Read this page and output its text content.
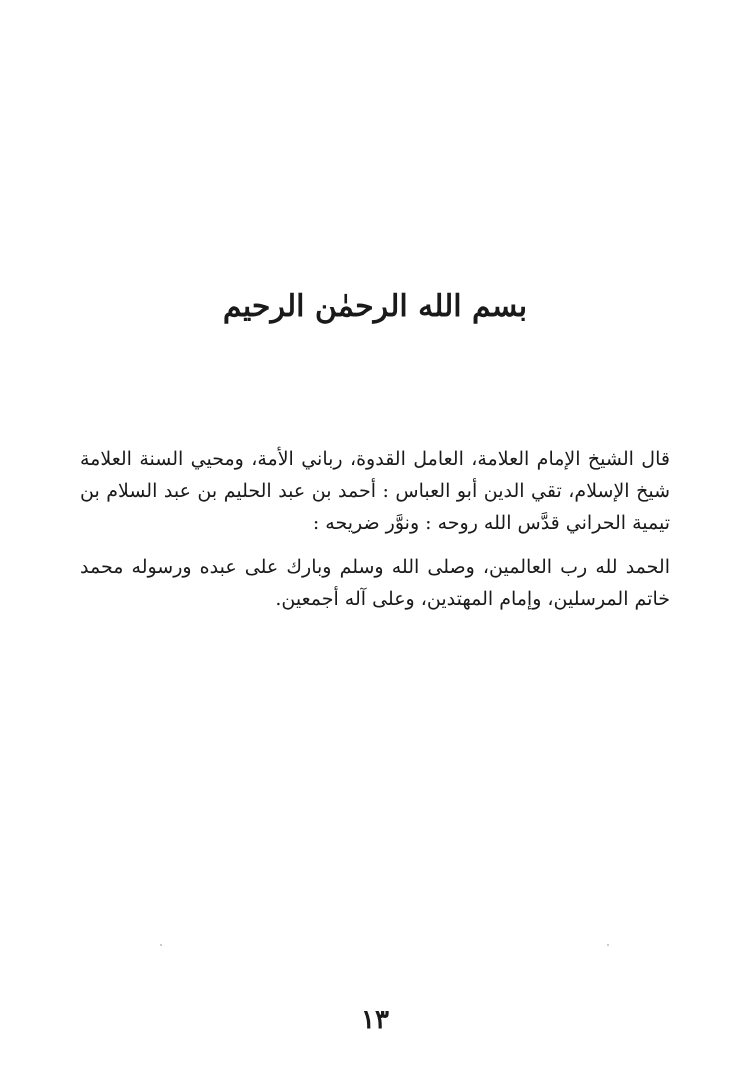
بسم الله الرحمٰن الرحيم

قال الشيخ الإمام العلامة، العامل القدوة، رباني الأمة، ومحيي السنة العلامة شيخ الإسلام، تقي الدين أبو العباس : أحمد بن عبد الحليم بن عبد السلام بن تيمية الحراني قدَّس الله روحه : ونوَّر ضريحه :

الحمد لله رب العالمين، وصلى الله وسلم وبارك على عبده ورسوله محمد خاتم المرسلين، وإمام المهتدين، وعلى آله أجمعين.

١٣
